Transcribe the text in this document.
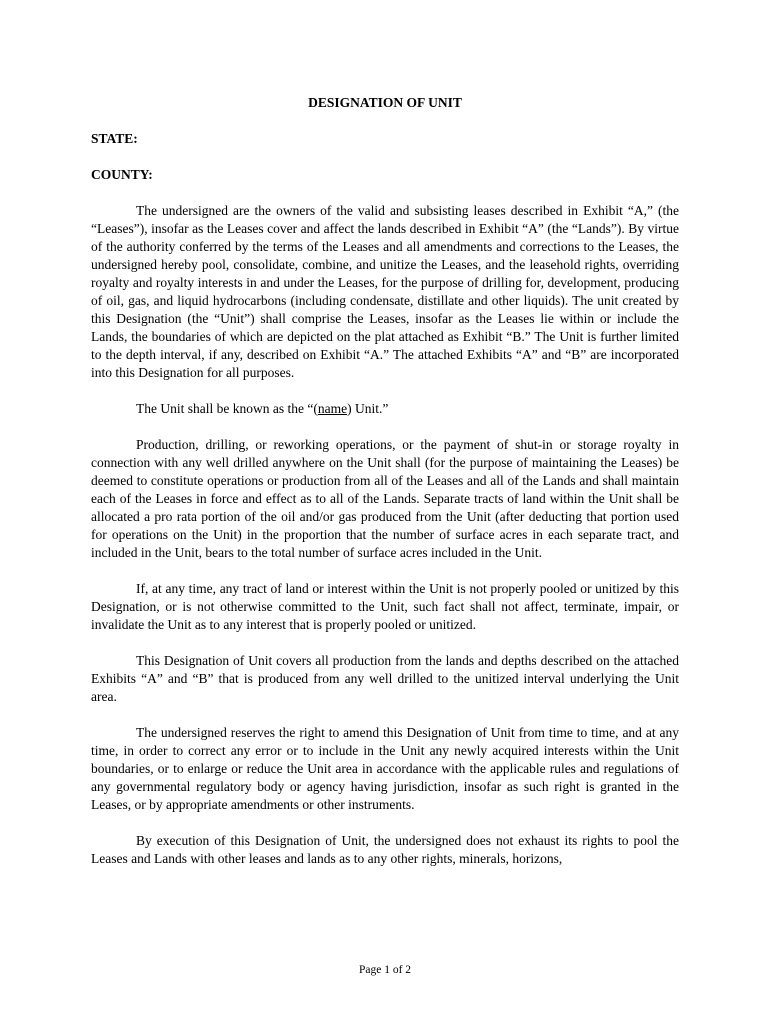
DESIGNATION OF UNIT
STATE:
COUNTY:

The undersigned are the owners of the valid and subsisting leases described in Exhibit “A,” (the “Leases”), insofar as the Leases cover and affect the lands described in Exhibit “A” (the “Lands”). By virtue of the authority conferred by the terms of the Leases and all amendments and corrections to the Leases, the undersigned hereby pool, consolidate, combine, and unitize the Leases, and the leasehold rights, overriding royalty and royalty interests in and under the Leases, for the purpose of drilling for, development, producing of oil, gas, and liquid hydrocarbons (including condensate, distillate and other liquids). The unit created by this Designation (the “Unit”) shall comprise the Leases, insofar as the Leases lie within or include the Lands, the boundaries of which are depicted on the plat attached as Exhibit “B.” The Unit is further limited to the depth interval, if any, described on Exhibit “A.” The attached Exhibits “A” and “B” are incorporated into this Designation for all purposes.

The Unit shall be known as the “(name) Unit.”

Production, drilling, or reworking operations, or the payment of shut-in or storage royalty in connection with any well drilled anywhere on the Unit shall (for the purpose of maintaining the Leases) be deemed to constitute operations or production from all of the Leases and all of the Lands and shall maintain each of the Leases in force and effect as to all of the Lands. Separate tracts of land within the Unit shall be allocated a pro rata portion of the oil and/or gas produced from the Unit (after deducting that portion used for operations on the Unit) in the proportion that the number of surface acres in each separate tract, and included in the Unit, bears to the total number of surface acres included in the Unit.

If, at any time, any tract of land or interest within the Unit is not properly pooled or unitized by this Designation, or is not otherwise committed to the Unit, such fact shall not affect, terminate, impair, or invalidate the Unit as to any interest that is properly pooled or unitized.

This Designation of Unit covers all production from the lands and depths described on the attached Exhibits “A” and “B” that is produced from any well drilled to the unitized interval underlying the Unit area.

The undersigned reserves the right to amend this Designation of Unit from time to time, and at any time, in order to correct any error or to include in the Unit any newly acquired interests within the Unit boundaries, or to enlarge or reduce the Unit area in accordance with the applicable rules and regulations of any governmental regulatory body or agency having jurisdiction, insofar as such right is granted in the Leases, or by appropriate amendments or other instruments.

By execution of this Designation of Unit, the undersigned does not exhaust its rights to pool the Leases and Lands with other leases and lands as to any other rights, minerals, horizons,

Page 1 of 2
